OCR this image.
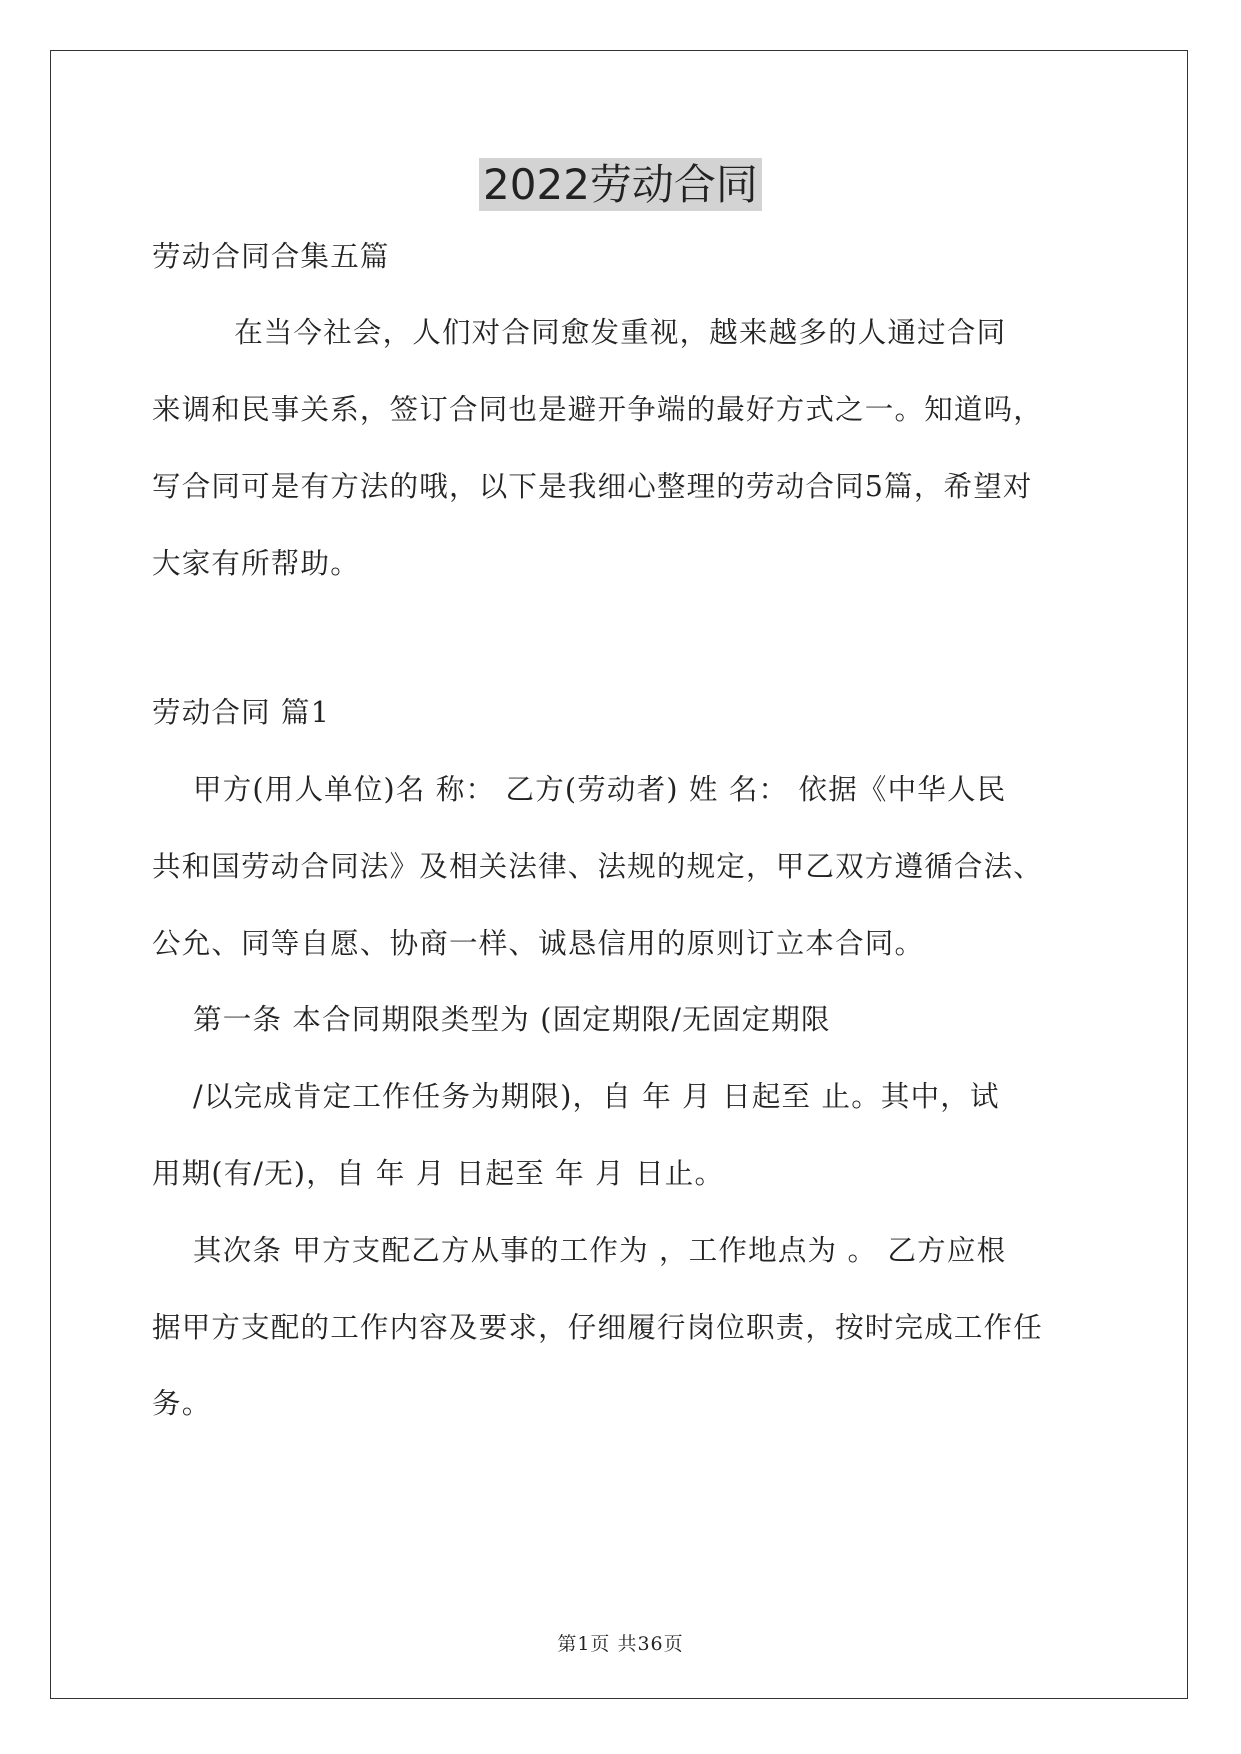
2022劳动合同
劳动合同合集五篇
在当今社会，人们对合同愈发重视，越来越多的人通过合同
来调和民事关系，签订合同也是避开争端的最好方式之一。知道吗，
写合同可是有方法的哦，以下是我细心整理的劳动合同5篇，希望对
大家有所帮助。
劳动合同 篇1
甲方(用人单位)名 称： 乙方(劳动者) 姓 名： 依据《中华人民
共和国劳动合同法》及相关法律、法规的规定，甲乙双方遵循合法、
公允、同等自愿、协商一样、诚恳信用的原则订立本合同。
第一条 本合同期限类型为 (固定期限/无固定期限
/以完成肯定工作任务为期限)，自 年 月 日起至 止。其中，试
用期(有/无)，自 年 月 日起至 年 月 日止。
其次条 甲方支配乙方从事的工作为 ，工作地点为 。 乙方应根
据甲方支配的工作内容及要求，仔细履行岗位职责，按时完成工作任
务。
第1页 共36页
